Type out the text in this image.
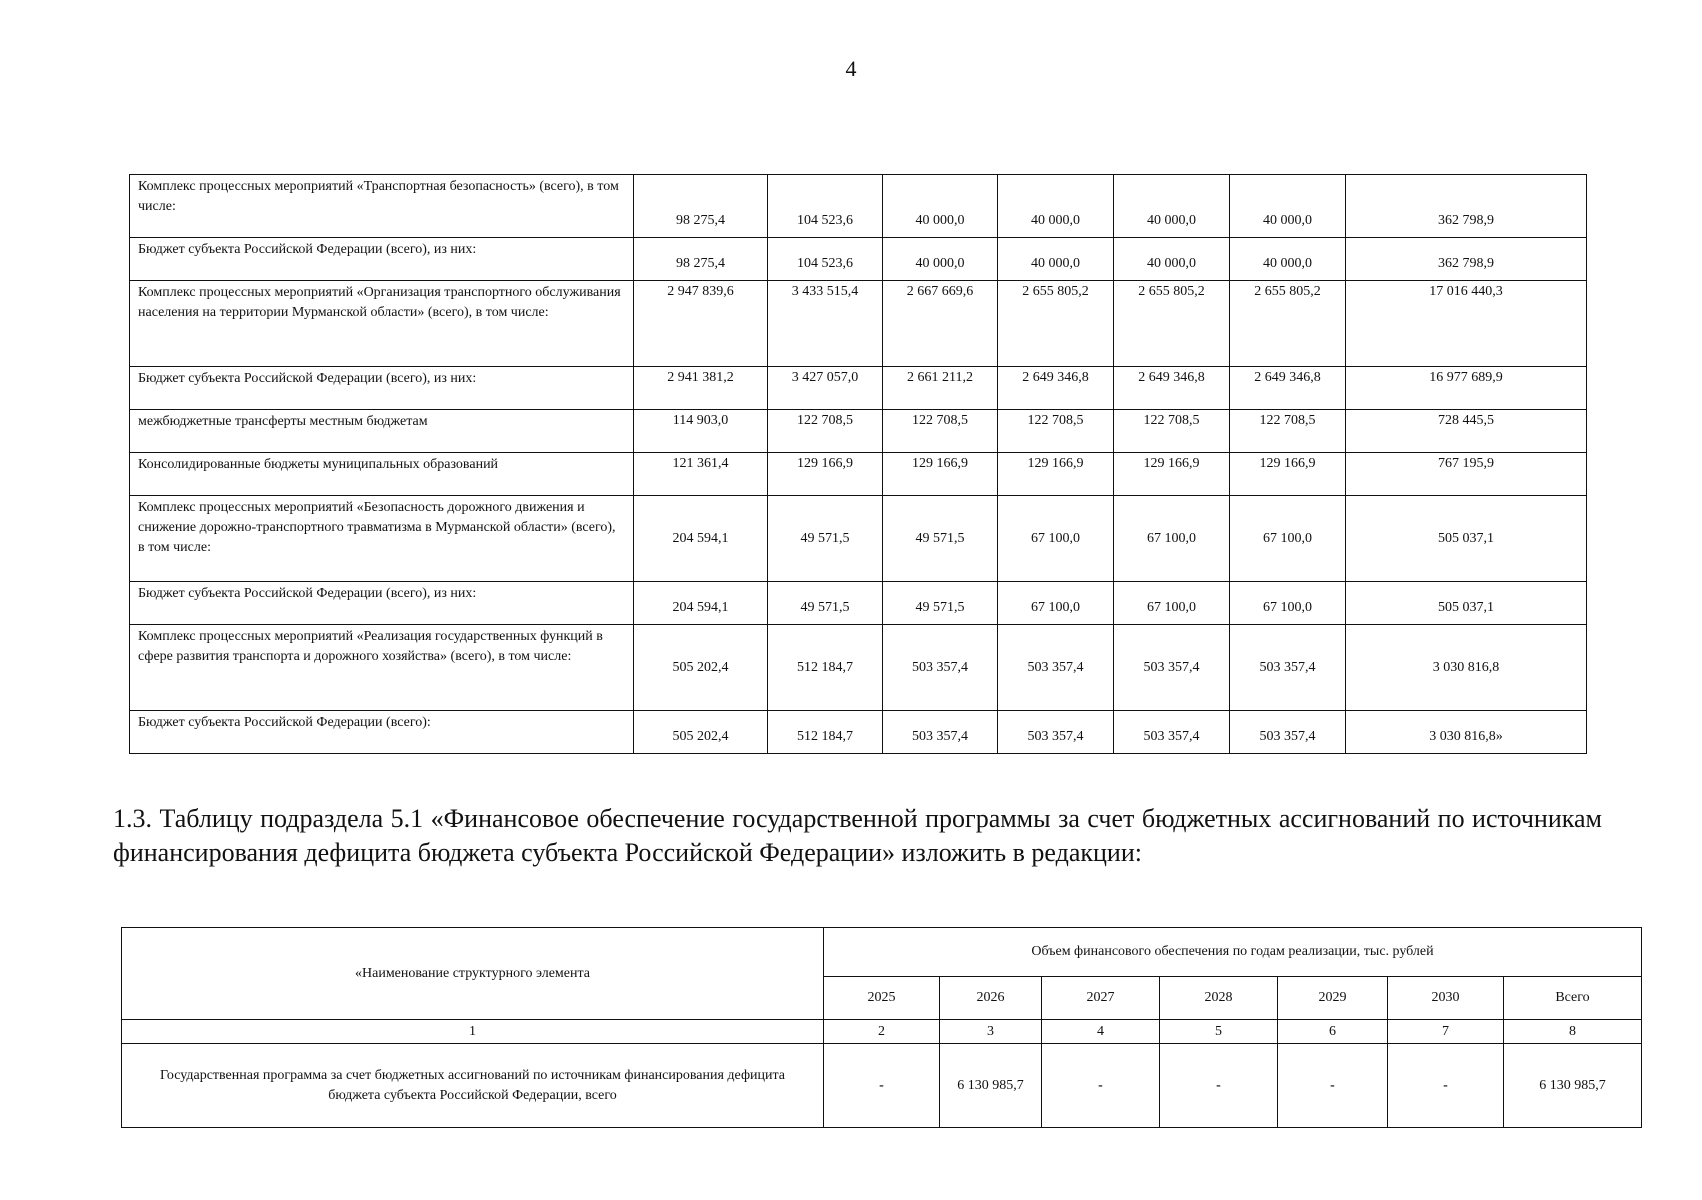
4
Комплекс процессных мероприятий «Транспортная безопасность» (всего), в том числе:	98 275,4	104 523,6	40 000,0	40 000,0	40 000,0	40 000,0	362 798,9
Бюджет субъекта Российской Федерации (всего), из них:	98 275,4	104 523,6	40 000,0	40 000,0	40 000,0	40 000,0	362 798,9
Комплекс процессных мероприятий «Организация транспортного обслуживания населения на территории Мурманской области» (всего), в том числе:	2 947 839,6	3 433 515,4	2 667 669,6	2 655 805,2	2 655 805,2	2 655 805,2	17 016 440,3
Бюджет субъекта Российской Федерации (всего), из них:	2 941 381,2	3 427 057,0	2 661 211,2	2 649 346,8	2 649 346,8	2 649 346,8	16 977 689,9
межбюджетные трансферты местным бюджетам	114 903,0	122 708,5	122 708,5	122 708,5	122 708,5	122 708,5	728 445,5
Консолидированные бюджеты муниципальных образований	121 361,4	129 166,9	129 166,9	129 166,9	129 166,9	129 166,9	767 195,9
Комплекс процессных мероприятий «Безопасность дорожного движения и снижение дорожно-транспортного травматизма в Мурманской области» (всего), в том числе:	204 594,1	49 571,5	49 571,5	67 100,0	67 100,0	67 100,0	505 037,1
Бюджет субъекта Российской Федерации (всего), из них:	204 594,1	49 571,5	49 571,5	67 100,0	67 100,0	67 100,0	505 037,1
Комплекс процессных мероприятий «Реализация государственных функций в сфере развития транспорта и дорожного хозяйства» (всего), в том числе:	505 202,4	512 184,7	503 357,4	503 357,4	503 357,4	503 357,4	3 030 816,8
Бюджет субъекта Российской Федерации (всего):	505 202,4	512 184,7	503 357,4	503 357,4	503 357,4	503 357,4	3 030 816,8»
1.3. Таблицу подраздела 5.1 «Финансовое обеспечение государственной программы за счет бюджетных ассигнований по источникам финансирования дефицита бюджета субъекта Российской Федерации» изложить в редакции:
«Наименование структурного элемента	Объем финансового обеспечения по годам реализации, тыс. рублей						
	2025	2026	2027	2028	2029	2030	Всего
1	2	3	4	5	6	7	8
Государственная программа за счет бюджетных ассигнований по источникам финансирования дефицита бюджета субъекта Российской Федерации, всего	-	6 130 985,7	-	-	-	-	6 130 985,7
